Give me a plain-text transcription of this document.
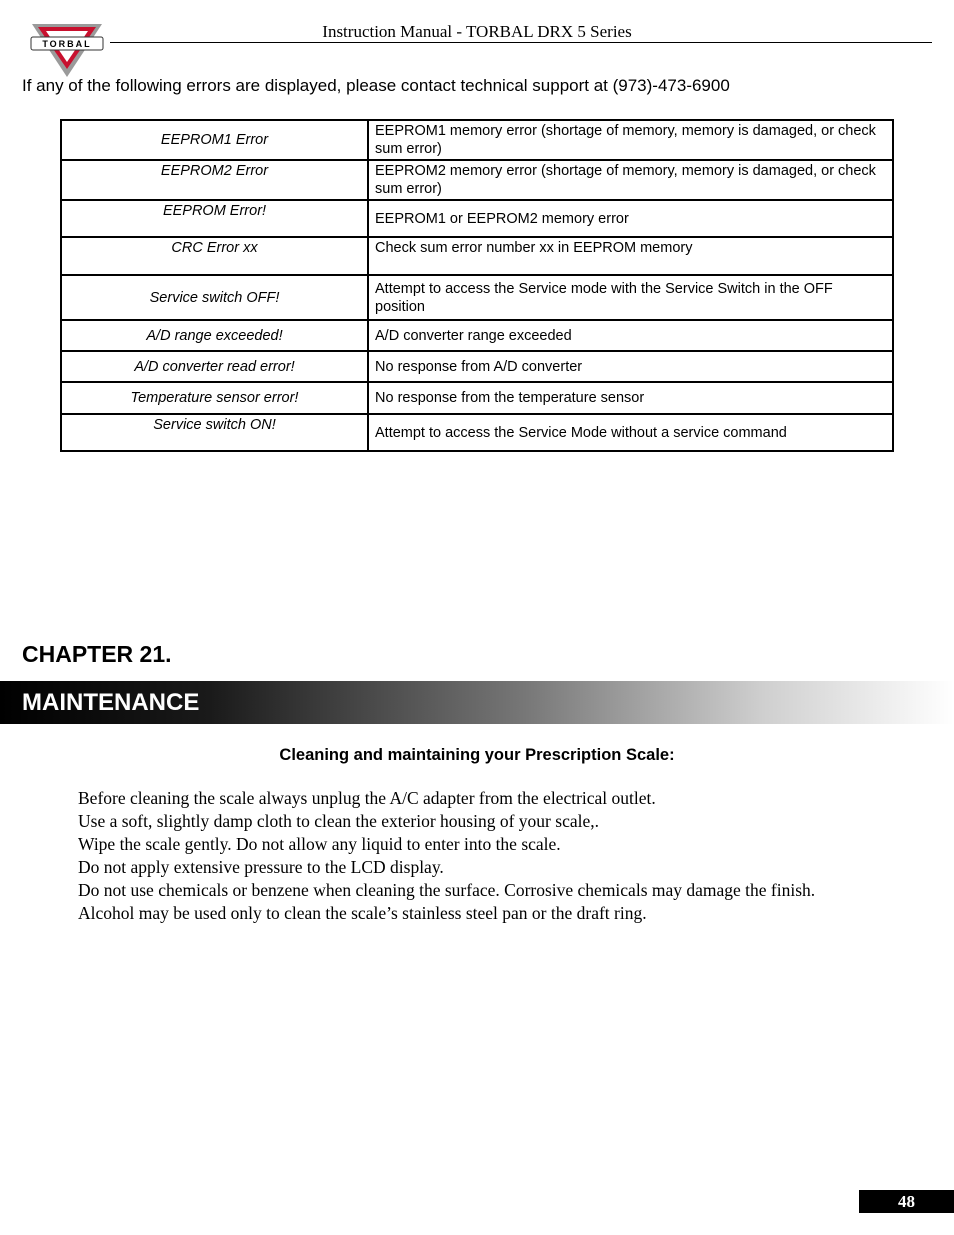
TORBAL
Instruction Manual - TORBAL DRX 5 Series
If any of the following errors are displayed, please contact technical support at (973)-473-6900
EEPROM1 Error	EEPROM1 memory error (shortage of memory, memory is damaged, or check sum error)
EEPROM2 Error	EEPROM2 memory error (shortage of memory, memory is damaged, or check sum error)
EEPROM Error!	EEPROM1 or EEPROM2 memory error
CRC Error xx	Check sum error number xx in EEPROM memory
Service switch OFF!	Attempt to access the Service mode with the Service Switch in the OFF position
A/D range exceeded!	A/D converter range exceeded
A/D converter read error!	No response from A/D converter
Temperature sensor error!	No response from the temperature sensor
Service switch ON!	Attempt to access the Service Mode without a service command
CHAPTER 21.
MAINTENANCE
Cleaning and maintaining your Prescription Scale:
Before cleaning the scale always unplug the A/C adapter from the electrical outlet.
Use a soft, slightly damp cloth to clean the exterior housing of your scale,.
Wipe the scale gently. Do not allow any liquid to enter into the scale.
Do not apply extensive pressure to the LCD display.
Do not use chemicals or benzene when cleaning the surface. Corrosive chemicals may damage the finish.
Alcohol may be used only to clean the scale’s stainless steel pan or the draft ring.
48
